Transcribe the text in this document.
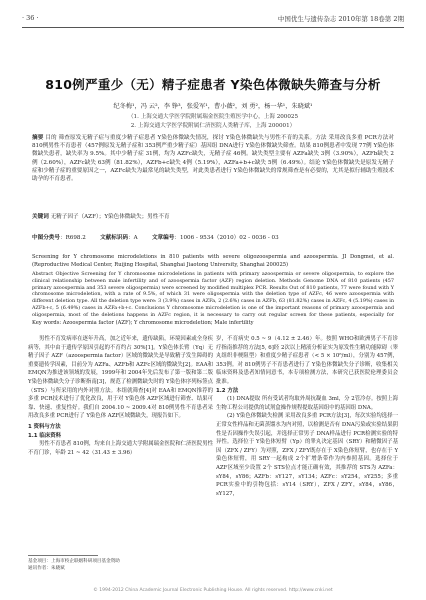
· 36 ·	中国优生与遗传杂志 2010年第 18卷第 2期
810例严重少（无）精子症患者 Y染色体微缺失筛查与分析
纪冬梅¹，冯 云²，李 铮³，张爱军¹，曹小薇²，刘 勇²，杨一华¹，朱晓斌¹
（1. 上海交通大学医学院附属瑞金医院生殖医学中心，上海 200025
2. 上海交通大学医学院附属仁济医院人类精子库，上海 200001）
摘要 目的 筛查原发无精子症与重度少精子症患者 Y染色体微缺失情况，探讨 Y染色体微缺失与男性不育的关系。方法 采用改良多重 PCR方法对 810例男性不育患者（457例原发无精子症和 353例严重少精子症）基因组 DNA进行 Y染色体微缺失筛查。结果 810例患者中发现 77例 Y染色体微缺失患者，缺失率为 9.5%。其中少精子症 31例，均为 AZFc缺失，无精子症 46例。缺失类型主要有 AZFa缺失 3例（3.90%），AZFb缺失 2例（2.60%），AZFc缺失 63例（81.82%），AZFb+c缺失 4例（5.19%），AZFa+b+c缺失 5例（6.49%）。结论 Y染色体微缺失是原发无精子症和少精子症的重要原因之一，AZFc缺失为最常见的缺失类型，对此类患者进行 Y染色体微缺失的常规筛查是有必要的，尤其是拟行辅助生殖技术助孕的不育患者。
关键词 无精子因子（AZF）；Y染色体微缺失；男性不育
中图分类号：R698.2	文献标识码：A	文章编号：1006 - 9534（2010）02 - 0036 - 03
Screening for Y chromosome microdeletions in 810 patients with severe oligozoospermia and azoospermia. JI Dongmei, et al. (Reproductive Medical Center, Ruijing Hospital, Shanghai Jiaotong University, Shanghai 200025)
Abstract Objective Screening for Y chromosome microdeletions in patients with primary azoospermia or severe oligospermia, to explore the clinical relationship between male infertility and of azoospermia factor (AZF) region deletion. Methods Genome DNA of 810 patients (457 primary azoospermia and 353 severe oligospermia) were screened by modified multiplex PCR. Results Out of 810 patients, 77 were found with Y chromosome microdeletion, with a rate of 9.5%, of which 31 were oligospermia with the deletion type of AZFc, 46 were azoospermia with different deletion type. All the deletion type were: 3 (3.9%) cases in AZFa, 2 (2.6%) cases in AZFb, 63 (81.82%) cases in AZFc, 4 (5.19%) cases in AZFb+c, 5 (6.49%) cases in AZFa+b+c. Conclusions Y chromosome microdeletion is one of the important reasons of primary azoospermia and oligospermia, most of the deletions happens in AZFc region, it is necessary to carry out regular screen for these patients, especially for
Key words: Azoospermia factor (AZF); Y chromosome microdeletion; Male infertility
男性不育发病率在逐年升高，加之近年来，遗传缺陷，环境因素或全身疾病等，其中由于遗传学原因引起的不育约占 30%[1]。Y染色体长臂（Yq）无精子因子 AZF（azoospermia factor）区域的微缺失是导致精子发生障碍的重要遗传学因素，目前分为 AZFa、AZFb和 AZFc区域的微缺失[2]。EAA和 EMQN为推进该领域的发展，1999年和 2004年先后发布了第一版和第二版 Y染色体微缺失分子诊断指南[3]，规范了检测微缺失时的 Y染色体序列标签点（STS）与所采用的内外对照方法。本组就筛查[4]对 EAA和 EMQN推荐的多重 PCR技术进行了优化改良，用于对 Y染色体 AZF区域进行筛查、结果可靠、快速、重复性好。我们自 2004.10 ~ 2009.4对 810例男性不育患者采用改良多重 PCR进行了 Y染色体 AZF区域微缺失，现报告如下。
1 资料与方法
1.1 临床资料
男性不育患者 810例，均来自上海交通大学附属瑞金医院和仁济医院男性不育门诊，年龄 21 ~ 42（31.43 ± 3.96）
岁，不育病史 0.5 ~ 9（4.12 ± 2.46）年。按照 WHO和欧洲男子不育诊疗指南推荐的方法[5, 6]经 2次以上精液分析证实为原发性生精功能障碍（睾丸组织非梗阻型）和重度少精子症患者（< 5 × 10⁶/ml），分别为 457例，353例。对 810例男子不育患者进行了 Y染色体微缺失分子诊断，收集相关临床资料及患者知情同意书，本专项检测方法，本研究已获医院伦理委员会批准。
1.2 方法
(1) DNA提取 所有受试者均取外周抗凝血 3ml，分 2管冷存。按照上海生物工程公司提供的试剂盒操作规程提取基因组中的基因组 DNA。
(2) Y染色体微缺失检测 采用改良多重 PCR方法[3]，每次实验均选择一正常女性样品和无菌蒸馏水为内对照，以检测是否有 DNA污染或实验结果阴性是否因操作失误引起，并选择正常男子 DNA样品进行 PCR检测实验的特异性。选择位于 Y染色体短臂（Yp）的睾丸决定基因（SRY）和精微因子基因（ZFX / ZFY）为对照，ZFX / ZFY既存在于 X染色体短臂，也存在于 Y染色体短臂，用 SRY一起构成 2个扩增条带作为内参照基因。选择位于 AZF区域至少设置 2个 STS位点才能正确有效，其推荐的 STS为 AZFa：sY84，sY86；AZFb：sY127，sY134；AZFc：sY254，sY255；多重 PCR实验中的引物包括：sY14（SRY），ZFX / ZFY，sY84，sY86，sY127，
基金项目：上海市校企联姻科研项目基金资助
通讯作者：朱晓斌
© 1994-2012 China Academic Journal Electronic Publishing House. All rights reserved. http://www.cnki.net
